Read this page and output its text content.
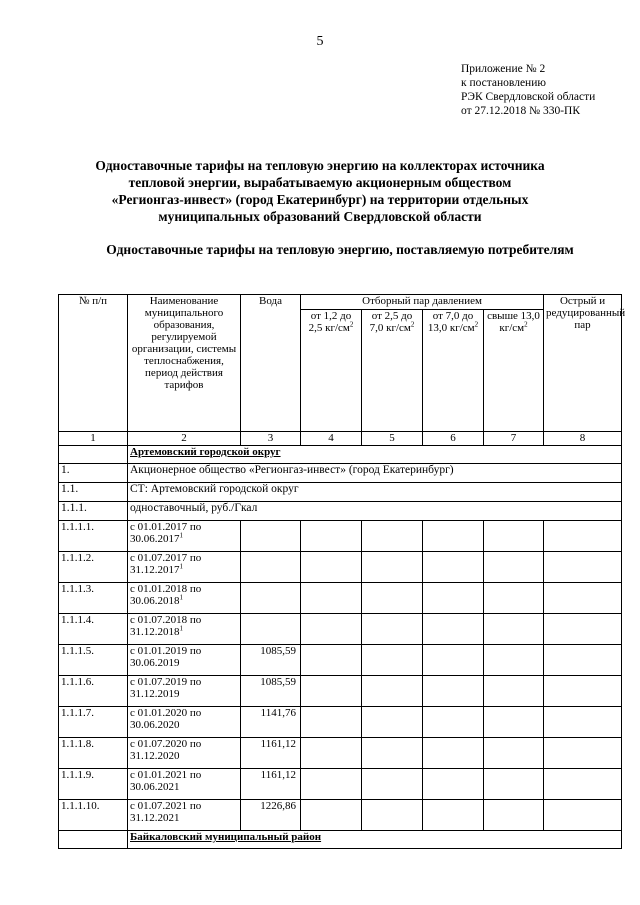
5
Приложение № 2
к постановлению
РЭК Свердловской области
от 27.12.2018 № 330-ПК
Одноставочные тарифы на тепловую энергию на коллекторах источника
тепловой энергии, вырабатываемую акционерным обществом
«Регионгаз-инвест» (город Екатеринбург) на территории отдельных
муниципальных образований Свердловской области
Одноставочные тарифы на тепловую энергию, поставляемую потребителям
№ п/п	Наименование муниципального образования, регулируемой организации, системы теплоснабжения, период действия тарифов	Вода	Отборный пар давлением				Острый и редуцированный пар
			от 1,2 до 2,5 $кг/см^2$	от 2,5 до 7,0 $кг/см^2$	от 7,0 до 13,0 $кг/см^2$	свыше 13,0 $кг/см^2$
1	2	3	4	5	6	7	8
	Артемовский городской округ						
1.	Акционерное общество «Регионгаз-инвест» (город Екатеринбург)						
1.1.	СТ: Артемовский городской округ						
1.1.1.	одноставочный, руб./Гкал						
1.1.1.1.	с 01.01.2017 по
30.06.2017$^1$

1.1.1.2.	с 01.07.2017 по
31.12.2017$^1$

1.1.1.3.	с 01.01.2018 по
30.06.2018$^1$

1.1.1.4.	с 01.07.2018 по
31.12.2018$^1$

1.1.1.5.	с 01.01.2019 по
30.06.2019	1085,59					
1.1.1.6.	с 01.07.2019 по
31.12.2019	1085,59					
1.1.1.7.	с 01.01.2020 по
30.06.2020	1141,76					
1.1.1.8.	с 01.07.2020 по
31.12.2020	1161,12					
1.1.1.9.	с 01.01.2021 по
30.06.2021	1161,12					
1.1.1.10.	с 01.07.2021 по
31.12.2021	1226,86					
	Байкаловский муниципальный район						
